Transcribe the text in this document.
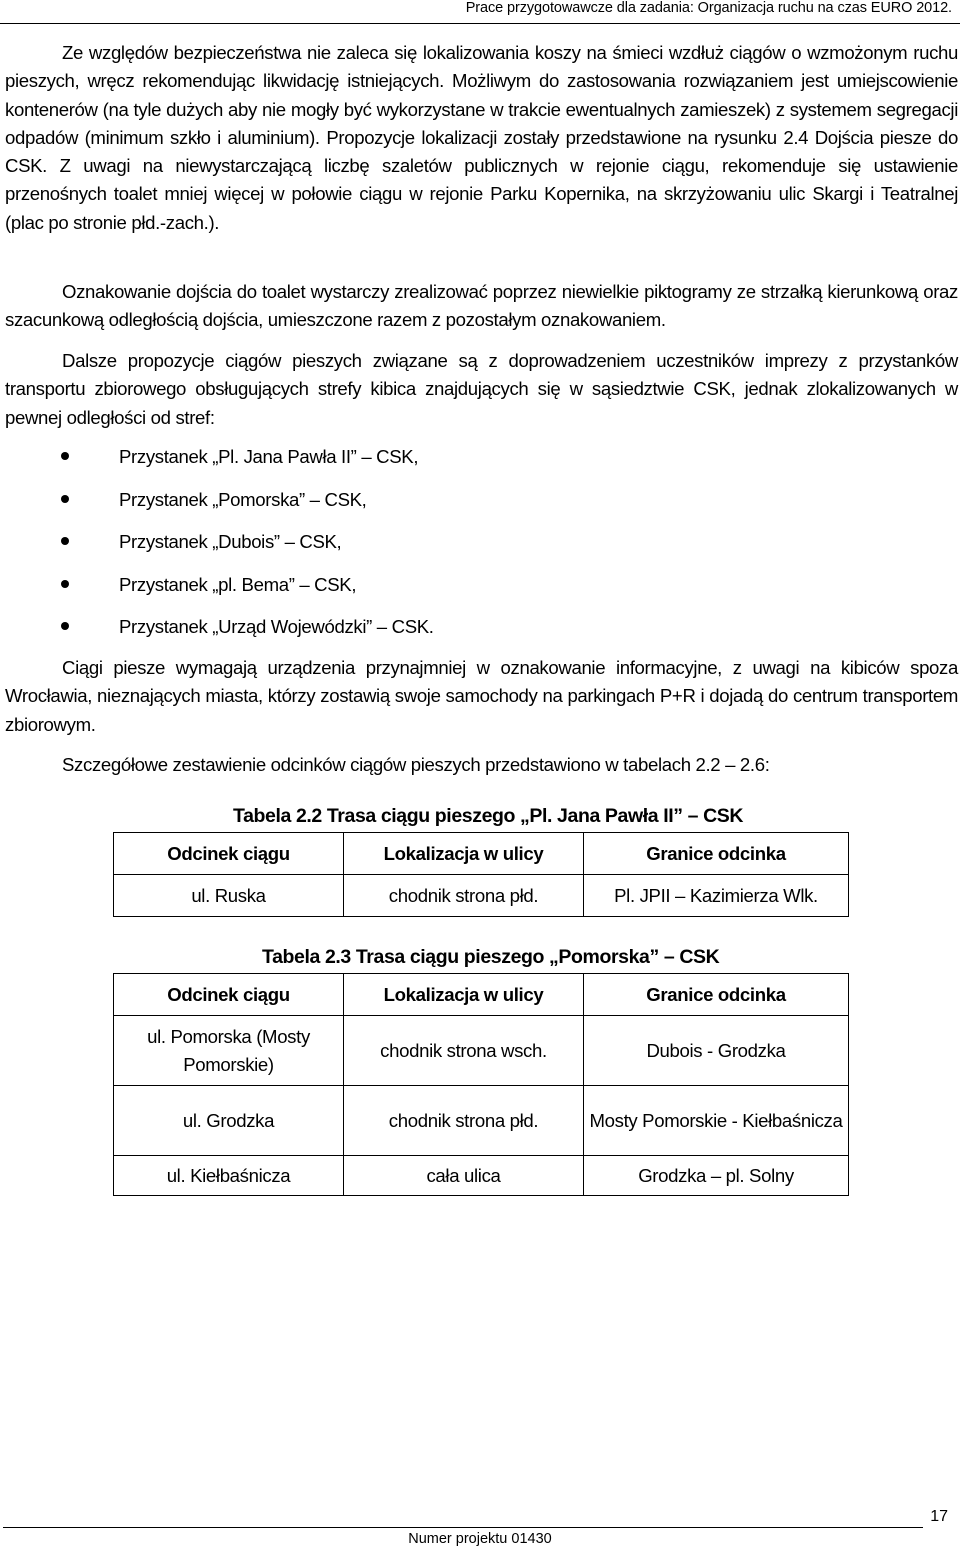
Prace przygotowawcze dla zadania: Organizacja ruchu na czas EURO 2012.

Ze względów bezpieczeństwa nie zaleca się lokalizowania koszy na śmieci wzdłuż ciągów o wzmożonym ruchu pieszych, wręcz rekomendując likwidację istniejących. Możliwym do zastosowania rozwiązaniem jest umiejscowienie kontenerów (na tyle dużych aby nie mogły być wykorzystane w trakcie ewentualnych zamieszek) z systemem segregacji odpadów (minimum szkło i aluminium). Propozycje lokalizacji zostały przedstawione na rysunku 2.4 Dojścia piesze do CSK. Z uwagi na niewystarczającą liczbę szaletów publicznych w rejonie ciągu, rekomenduje się ustawienie przenośnych toalet mniej więcej w połowie ciągu w rejonie Parku Kopernika, na skrzyżowaniu ulic Skargi i Teatralnej (plac po stronie płd.-zach.).

Oznakowanie dojścia do toalet wystarczy zrealizować poprzez niewielkie piktogramy ze strzałką kierunkową oraz szacunkową odległością dojścia, umieszczone razem z pozostałym oznakowaniem.

Dalsze propozycje ciągów pieszych związane są z doprowadzeniem uczestników imprezy z przystanków transportu zbiorowego obsługujących strefy kibica znajdujących się w sąsiedztwie CSK, jednak zlokalizowanych w pewnej odległości od stref:

Przystanek „Pl. Jana Pawła II” – CSK,
Przystanek „Pomorska” – CSK,
Przystanek „Dubois” – CSK,
Przystanek „pl. Bema” – CSK,
Przystanek „Urząd Wojewódzki” – CSK.

Ciągi piesze wymagają urządzenia przynajmniej w oznakowanie informacyjne, z uwagi na kibiców spoza Wrocławia, nieznających miasta, którzy zostawią swoje samochody na parkingach P+R i dojadą do centrum transportem zbiorowym.

Szczegółowe zestawienie odcinków ciągów pieszych przedstawiono w tabelach 2.2 – 2.6:

Tabela 2.2 Trasa ciągu pieszego „Pl. Jana Pawła II” – CSK
Odcinek ciągu	Lokalizacja w ulicy	Granice odcinka
ul. Ruska	chodnik strona płd.	Pl. JPII – Kazimierza Wlk.
Tabela 2.3 Trasa ciągu pieszego „Pomorska” – CSK
Odcinek ciągu	Lokalizacja w ulicy	Granice odcinka
ul. Pomorska (Mosty Pomorskie)	chodnik strona wsch.	Dubois - Grodzka
ul. Grodzka	chodnik strona płd.	Mosty Pomorskie - Kiełbaśnicza
ul. Kiełbaśnicza	cała ulica	Grodzka – pl. Solny
17
Numer projektu 01430
